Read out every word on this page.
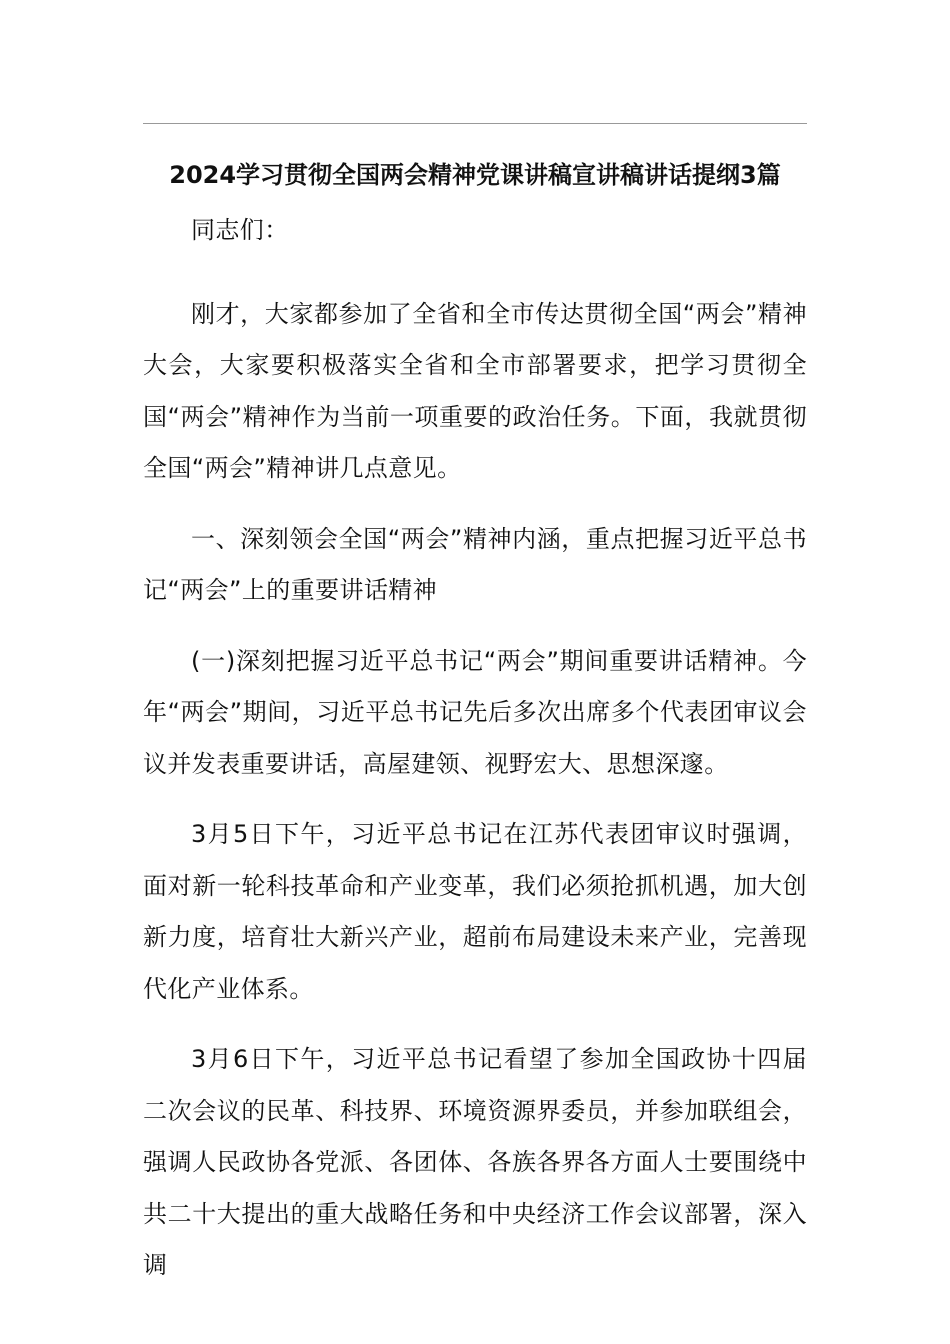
2024学习贯彻全国两会精神党课讲稿宣讲稿讲话提纲3篇

同志们：

刚才，大家都参加了全省和全市传达贯彻全国“两会”精神大会，大家要积极落实全省和全市部署要求，把学习贯彻全国“两会”精神作为当前一项重要的政治任务。下面，我就贯彻全国“两会”精神讲几点意见。

一、深刻领会全国“两会”精神内涵，重点把握习近平总书记“两会”上的重要讲话精神

(一)深刻把握习近平总书记“两会”期间重要讲话精神。今年“两会”期间，习近平总书记先后多次出席多个代表团审议会议并发表重要讲话，高屋建领、视野宏大、思想深邃。

3月5日下午，习近平总书记在江苏代表团审议时强调，面对新一轮科技革命和产业变革，我们必须抢抓机遇，加大创新力度，培育壮大新兴产业，超前布局建设未来产业，完善现代化产业体系。

3月6日下午，习近平总书记看望了参加全国政协十四届二次会议的民革、科技界、环境资源界委员，并参加联组会，强调人民政协各党派、各团体、各族各界各方面人士要围绕中共二十大提出的重大战略任务和中央经济工作会议部署，深入调
